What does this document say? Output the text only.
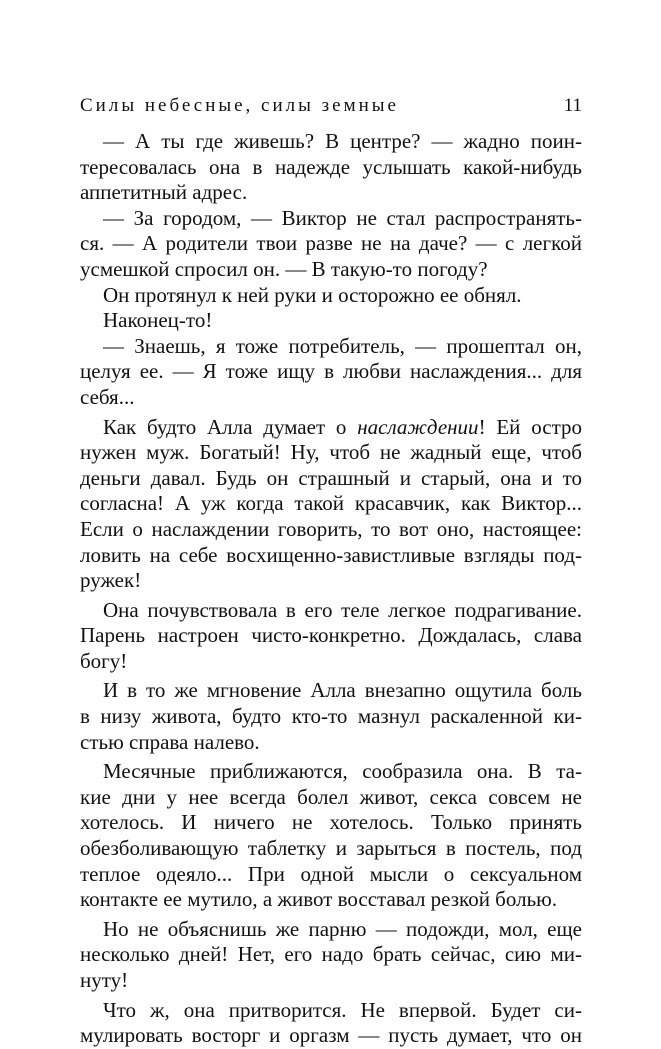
Силы небесные, силы земные	11
— А ты где живешь? В центре? — жадно поин-
тересовалась она в надежде услышать какой-нибудь
аппетитный адрес.
— За городом, — Виктор не стал распространять-
ся. — А родители твои разве не на даче? — с легкой
усмешкой спросил он. — В такую-то погоду?
Он протянул к ней руки и осторожно ее обнял.
Наконец-то!
— Знаешь, я тоже потребитель, — прошептал он,
целуя ее. — Я тоже ищу в любви наслаждения... для
себя...
Как будто Алла думает о наслаждении! Ей остро
нужен муж. Богатый! Ну, чтоб не жадный еще, чтоб
деньги давал. Будь он страшный и старый, она и то
согласна! А уж когда такой красавчик, как Виктор...
Если о наслаждении говорить, то вот оно, настоящее:
ловить на себе восхищенно-завистливые взгляды под-
ружек!
Она почувствовала в его теле легкое подрагивание.
Парень настроен чисто-конкретно. Дождалась, слава
богу!
И в то же мгновение Алла внезапно ощутила боль
в низу живота, будто кто-то мазнул раскаленной ки-
стью справа налево.
Месячные приближаются, сообразила она. В та-
кие дни у нее всегда болел живот, секса совсем не
хотелось. И ничего не хотелось. Только принять
обезболивающую таблетку и зарыться в постель, под
теплое одеяло... При одной мысли о сексуальном
контакте ее мутило, а живот восставал резкой болью.
Но не объяснишь же парню — подожди, мол, еще
несколько дней! Нет, его надо брать сейчас, сию ми-
нуту!
Что ж, она притворится. Не впервой. Будет си-
мулировать восторг и оргазм — пусть думает, что он
